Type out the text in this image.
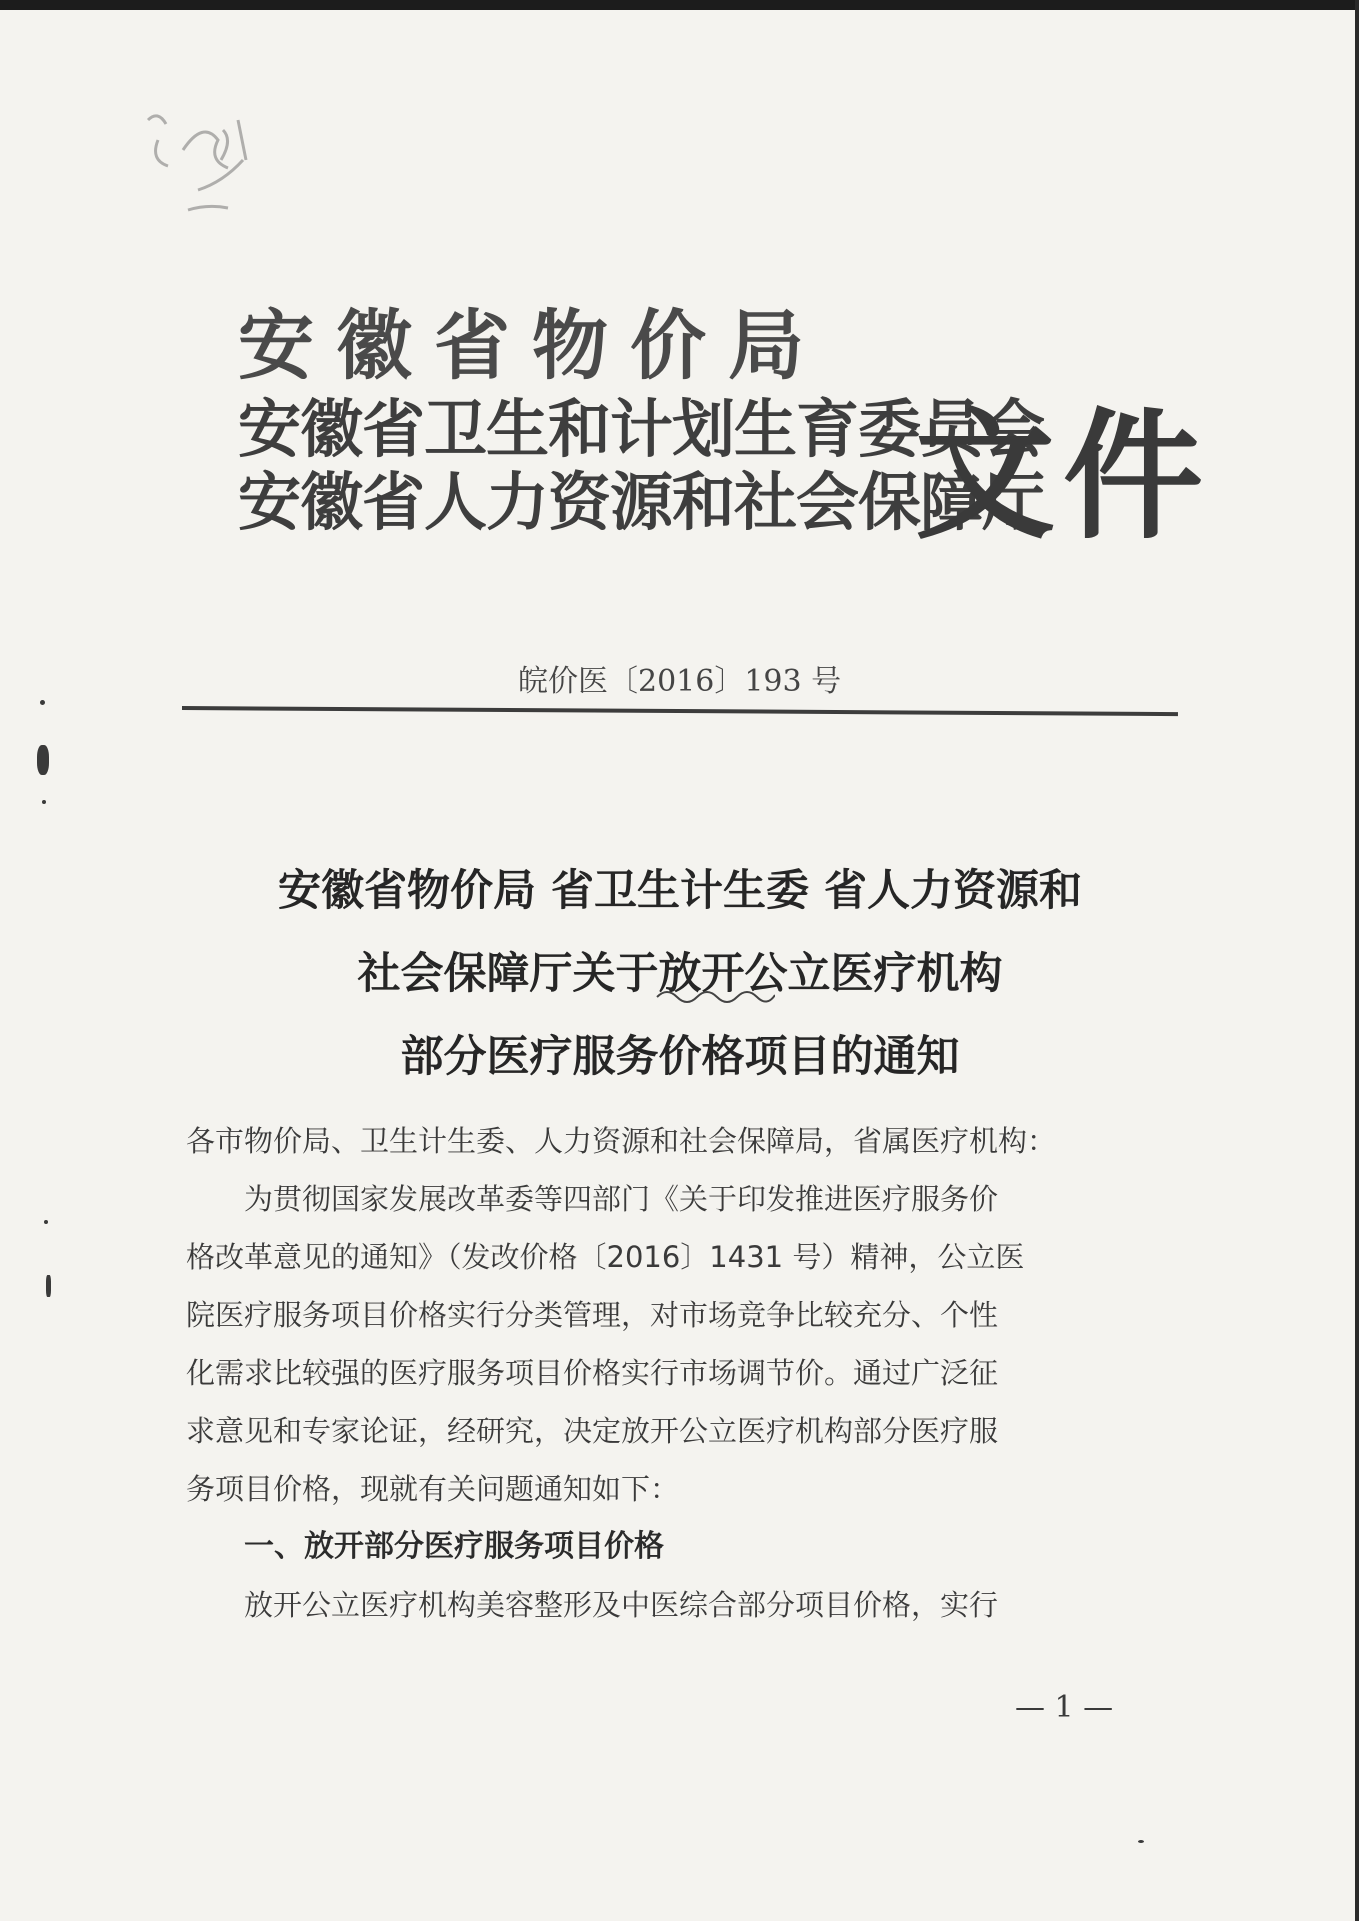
安徽省物价局
安徽省卫生和计划生育委员会
安徽省人力资源和社会保障厅
文件
皖价医〔2016〕193 号
安徽省物价局 省卫生计生委 省人力资源和
社会保障厅关于放开公立医疗机构
部分医疗服务价格项目的通知
各市物价局、卫生计生委、人力资源和社会保障局，省属医疗机构：
为贯彻国家发展改革委等四部门《关于印发推进医疗服务价
格改革意见的通知》（发改价格〔2016〕1431 号）精神，公立医
院医疗服务项目价格实行分类管理，对市场竞争比较充分、个性
化需求比较强的医疗服务项目价格实行市场调节价。通过广泛征
求意见和专家论证，经研究，决定放开公立医疗机构部分医疗服
务项目价格，现就有关问题通知如下：
一、放开部分医疗服务项目价格
放开公立医疗机构美容整形及中医综合部分项目价格，实行
— 1 —
